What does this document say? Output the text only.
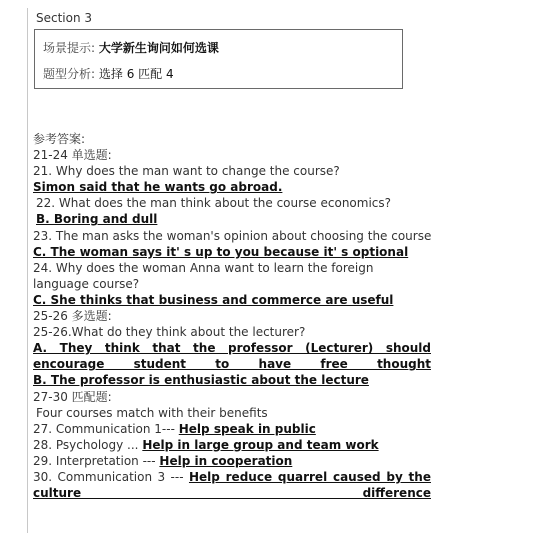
Section 3
场景提示: 大学新生询问如何选课
题型分析: 选择 6 匹配 4
参考答案:
21-24 单选题:
21. Why does the man want to change the course?
Simon said that he wants go abroad.
22. What does the man think about the course economics?
B. Boring and dull
23. The man asks the woman's opinion about choosing the course
C. The woman says it' s up to you because it' s optional
24. Why does the woman Anna want to learn the foreign language course?
C. She thinks that business and commerce are useful
25-26 多选题:
25-26.What do they think about the lecturer?
A. They think that the professor (Lecturer) should encourage student to have free thought
B. The professor is enthusiastic about the lecture
27-30 匹配题:
Four courses match with their benefits
27. Communication 1--- Help speak in public
28. Psychology ... Help in large group and team work
29. Interpretation --- Help in cooperation
30. Communication 3 --- Help reduce quarrel caused by the culture difference
